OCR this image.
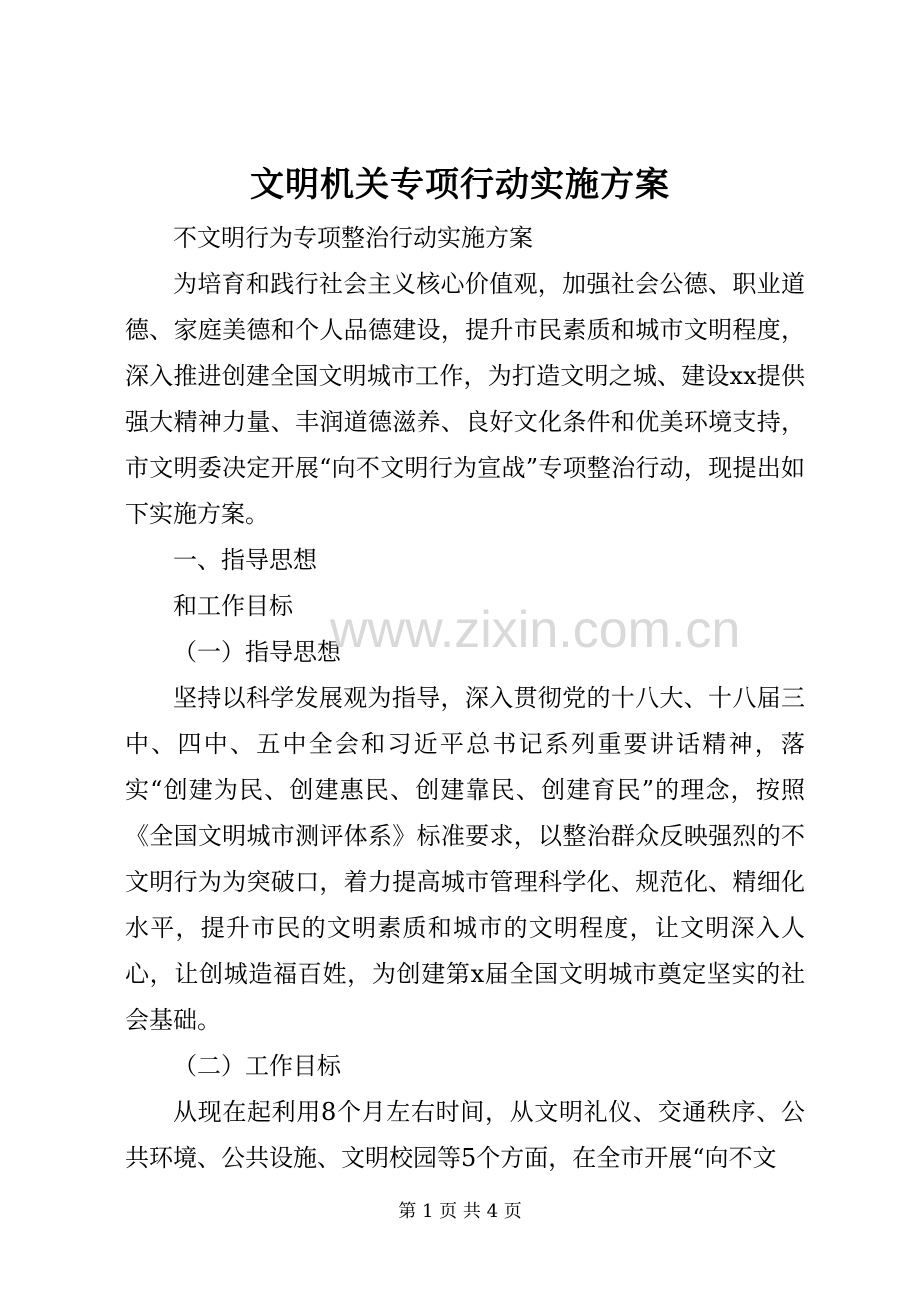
文明机关专项行动实施方案

不文明行为专项整治行动实施方案

为培育和践行社会主义核心价值观，加强社会公德、职业道德、家庭美德和个人品德建设，提升市民素质和城市文明程度，深入推进创建全国文明城市工作，为打造文明之城、建设xx提供强大精神力量、丰润道德滋养、良好文化条件和优美环境支持，市文明委决定开展“向不文明行为宣战”专项整治行动，现提出如下实施方案。

一、指导思想

和工作目标

（一）指导思想

坚持以科学发展观为指导，深入贯彻党的十八大、十八届三中、四中、五中全会和习近平总书记系列重要讲话精神，落实“创建为民、创建惠民、创建靠民、创建育民”的理念，按照《全国文明城市测评体系》标准要求，以整治群众反映强烈的不文明行为为突破口，着力提高城市管理科学化、规范化、精细化水平，提升市民的文明素质和城市的文明程度，让文明深入人心，让创城造福百姓，为创建第x届全国文明城市奠定坚实的社会基础。

（二）工作目标

从现在起利用8个月左右时间，从文明礼仪、交通秩序、公共环境、公共设施、文明校园等5个方面，在全市开展“向不文

www.zixin.com.cn
第 1 页 共 4 页
